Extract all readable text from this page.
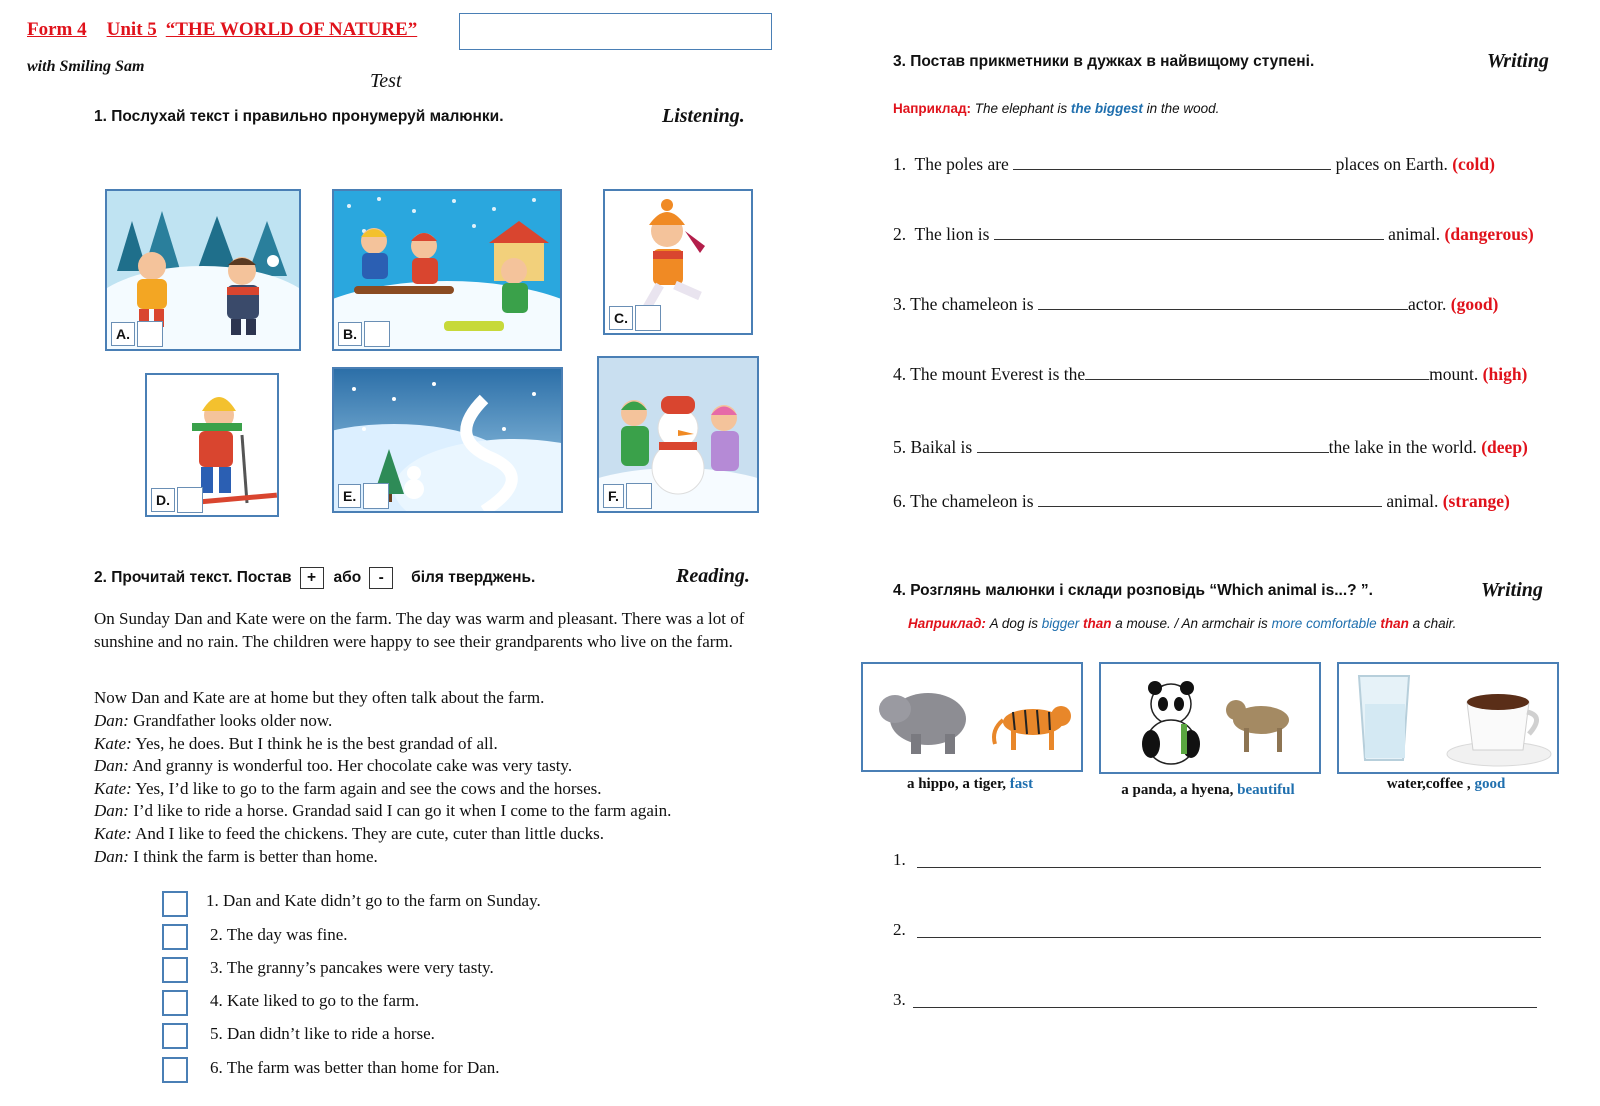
Form 4 Unit 5 “THE WORLD OF NATURE”
with Smiling Sam
Test
1. Послухай текст і правильно пронумеруй малюнки.	Listening.
A.	B.
C.
D.	E.	F.
2. Прочитай текст. Постав +	або	-	біля тверджень.	Reading.
On Sunday Dan and Kate were on the farm. The day was warm and pleasant. There was a lot of sunshine and no rain. The children were happy to see their grandparents who live on the farm.
Now Dan and Kate are at home but they often talk about the farm.
Dan: Grandfather looks older now.
Kate: Yes, he does. But I think he is the best grandad of all.
Dan: And granny is wonderful too. Her chocolate cake was very tasty.
Kate: Yes, I’d like to go to the farm again and see the cows and the horses.
Dan: I’d like to ride a horse. Grandad said I can go it when I come to the farm again.
Kate: And I like to feed the chickens. They are cute, cuter than little ducks.
Dan: I think the farm is better than home.
1. Dan and Kate didn’t go to the farm on Sunday.
2. The day was fine.
3. The granny’s pancakes were very tasty.
4. Kate liked to go to the farm.
5. Dan didn’t like to ride a horse.
6. The farm was better than home for Dan.
3. Постав прикметники в дужках в найвищому ступені.	Writing
Наприклад: The elephant is the biggest in the wood.
1.  The poles are	places on Earth. (cold)
2.  The lion is	animal. (dangerous)
3. The chameleon is	actor. (good)
4. The mount Everest is the	mount. (high)
5. Baikal is	the lake in the world. (deep)
6. The chameleon is	animal. (strange)
4. Розглянь малюнки і склади розповідь “Which animal is...? ”.	Writing
Наприклад: A dog is bigger than a mouse. / An armchair is more comfortable than a chair.
a hippo, a tiger, fast	a panda, a hyena, beautiful	water,coffee , good
1.
2.
3.
